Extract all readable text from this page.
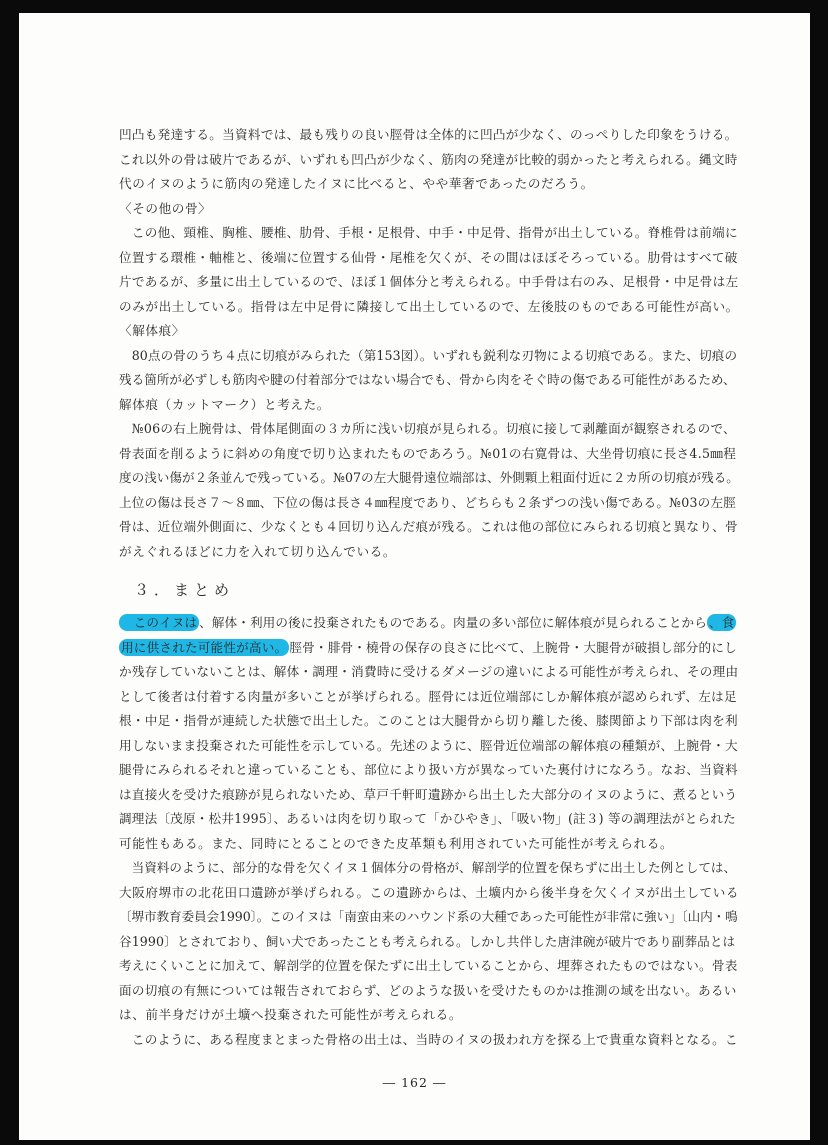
凹凸も発達する。当資料では、最も残りの良い脛骨は全体的に凹凸が少なく、のっぺりした印象をうける。

これ以外の骨は破片であるが、いずれも凹凸が少なく、筋肉の発達が比較的弱かったと考えられる。縄文時

代のイヌのように筋肉の発達したイヌに比べると、やや華奢であったのだろう。

〈その他の骨〉

　この他、頸椎、胸椎、腰椎、肋骨、手根・足根骨、中手・中足骨、指骨が出土している。脊椎骨は前端に

位置する環椎・軸椎と、後端に位置する仙骨・尾椎を欠くが、その間はほぼそろっている。肋骨はすべて破

片であるが、多量に出土しているので、ほぼ１個体分と考えられる。中手骨は右のみ、足根骨・中足骨は左

のみが出土している。指骨は左中足骨に隣接して出土しているので、左後肢のものである可能性が高い。

〈解体痕〉

　80点の骨のうち４点に切痕がみられた（第153図）。いずれも鋭利な刃物による切痕である。また、切痕の

残る箇所が必ずしも筋肉や腱の付着部分ではない場合でも、骨から肉をそぐ時の傷である可能性があるため、

解体痕（カットマーク）と考えた。

　№06の右上腕骨は、骨体尾側面の３カ所に浅い切痕が見られる。切痕に接して剥離面が観察されるので、

骨表面を削るように斜めの角度で切り込まれたものであろう。№01の右寛骨は、大坐骨切痕に長さ4.5㎜程

度の浅い傷が２条並んで残っている。№07の左大腿骨遠位端部は、外側顆上粗面付近に２カ所の切痕が残る。

上位の傷は長さ７～８㎜、下位の傷は長さ４㎜程度であり、どちらも２条ずつの浅い傷である。№03の左脛

骨は、近位端外側面に、少なくとも４回切り込んだ痕が残る。これは他の部位にみられる切痕と異なり、骨

がえぐれるほどに力を入れて切り込んでいる。

３．まとめ

　このイヌは 、解体・利用の後に投棄されたものである。肉量の多い部位に解体痕が見られることから 、食

用に供された可能性が高い。 脛骨・腓骨・橈骨の保存の良さに比べて、上腕骨・大腿骨が破損し部分的にし

か残存していないことは、解体・調理・消費時に受けるダメージの違いによる可能性が考えられ、その理由

として後者は付着する肉量が多いことが挙げられる。脛骨には近位端部にしか解体痕が認められず、左は足

根・中足・指骨が連続した状態で出土した。このことは大腿骨から切り離した後、膝関節より下部は肉を利

用しないまま投棄された可能性を示している。先述のように、脛骨近位端部の解体痕の種類が、上腕骨・大

腿骨にみられるそれと違っていることも、部位により扱い方が異なっていた裏付けになろう。なお、当資料

は直接火を受けた痕跡が見られないため、草戸千軒町遺跡から出土した大部分のイヌのように、煮るという

調理法〔茂原・松井1995〕、あるいは肉を切り取って「かひやき」、「吸い物」(註３) 等の調理法がとられた

可能性もある。また、同時にとることのできた皮革類も利用されていた可能性が考えられる。

　当資料のように、部分的な骨を欠くイヌ１個体分の骨格が、解剖学的位置を保ちずに出土した例としては、

大阪府堺市の北花田口遺跡が挙げられる。この遺跡からは、土壙内から後半身を欠くイヌが出土している

〔堺市教育委員会1990〕。このイヌは「南蛮由来のハウンド系の大種であった可能性が非常に強い」〔山内・鳴

谷1990〕とされており、飼い犬であったことも考えられる。しかし共伴した唐津碗が破片であり副葬品とは

考えにくいことに加えて、解剖学的位置を保たずに出土していることから、埋葬されたものではない。骨表

面の切痕の有無については報告されておらず、どのような扱いを受けたものかは推測の域を出ない。あるい

は、前半身だけが土壙へ投棄された可能性が考えられる。

　このように、ある程度まとまった骨格の出土は、当時のイヌの扱われ方を探る上で貴重な資料となる。こ

― 162 ―
